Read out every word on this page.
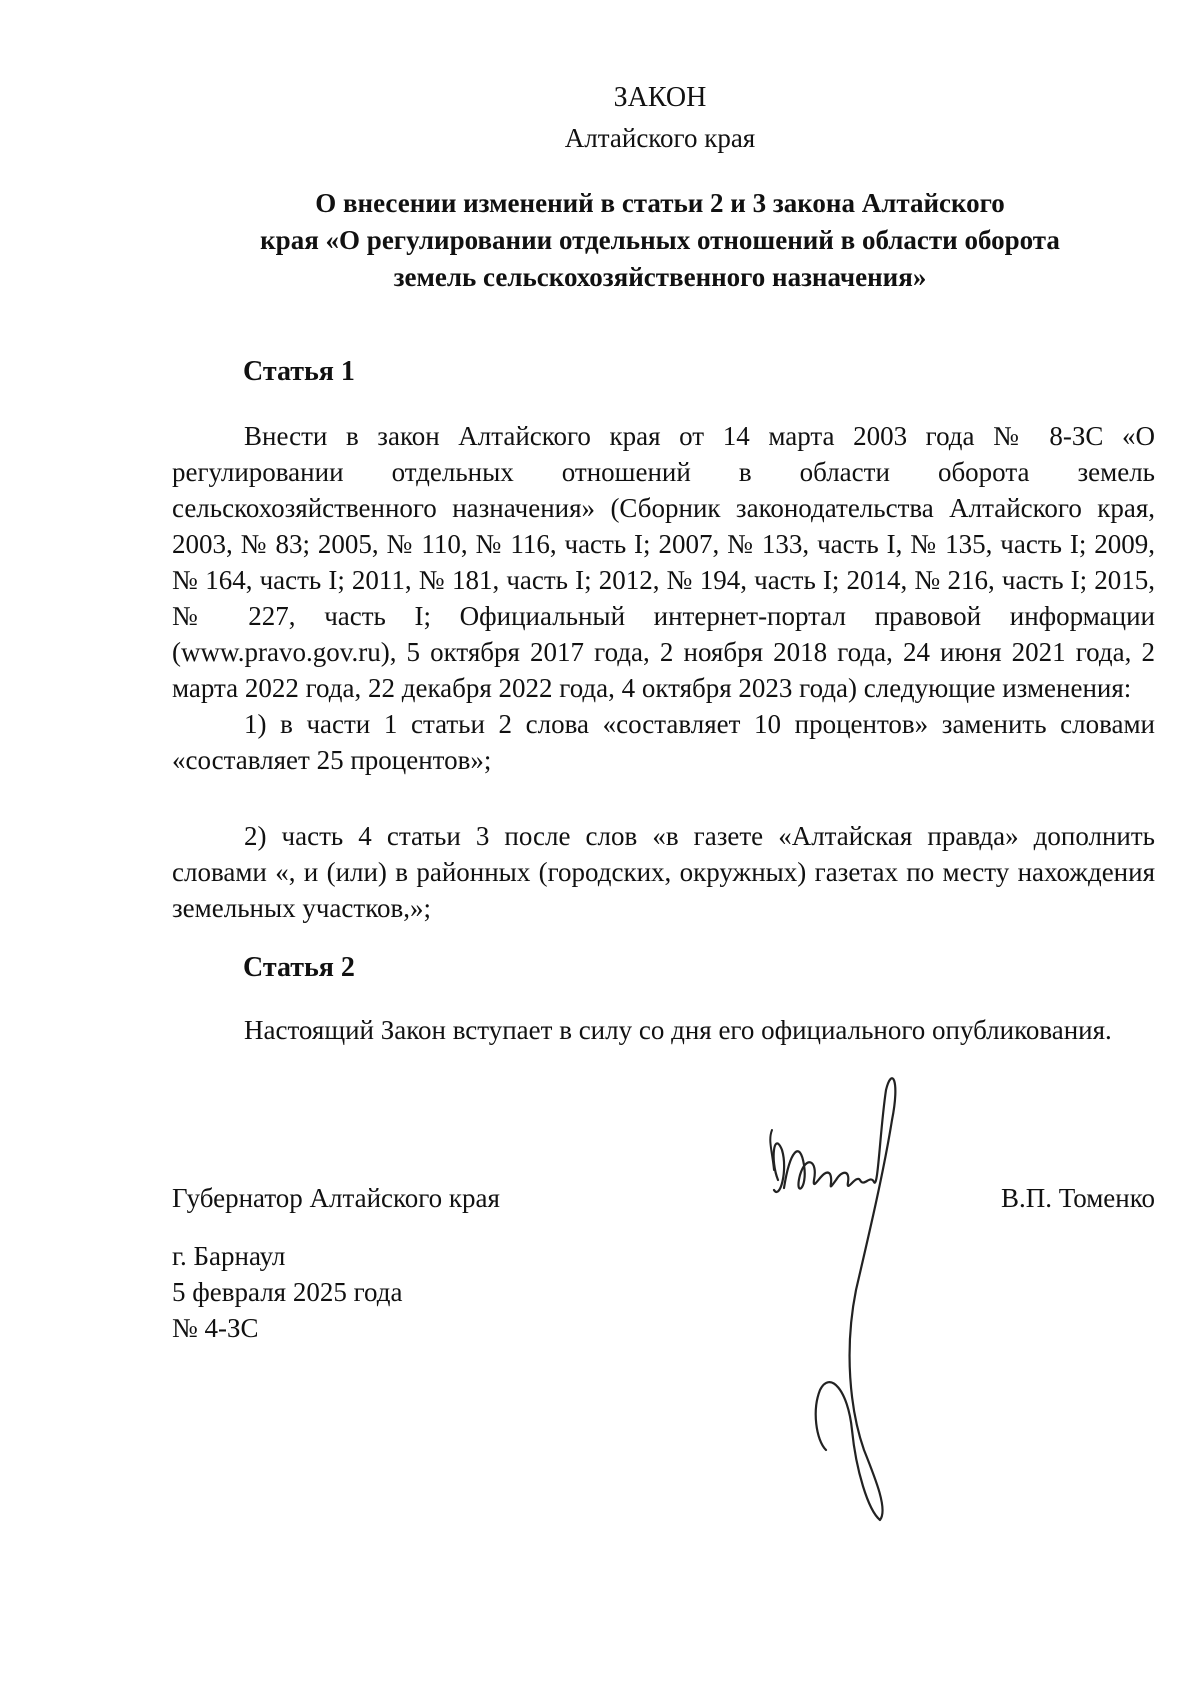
ЗАКОН
Алтайского края
О внесении изменений в статьи 2 и 3 закона Алтайского
края «О регулировании отдельных отношений в области оборота
земель сельскохозяйственного назначения»
Статья 1
Внести в закон Алтайского края от 14 марта 2003 года № 8-ЗС «О регулировании отдельных отношений в области оборота земель сельскохозяйственного назначения» (Сборник законодательства Алтайского края, 2003, № 83; 2005, № 110, № 116, часть I; 2007, № 133, часть I, № 135, часть I; 2009, № 164, часть I; 2011, № 181, часть I; 2012, № 194, часть I; 2014, № 216, часть I; 2015, № 227, часть I; Официальный интернет-портал правовой информации (www.pravo.gov.ru), 5 октября 2017 года, 2 ноября 2018 года, 24 июня 2021 года, 2 марта 2022 года, 22 декабря 2022 года, 4 октября 2023 года) следующие изменения:
1) в части 1 статьи 2 слова «составляет 10 процентов» заменить словами «составляет 25 процентов»;
2) часть 4 статьи 3 после слов «в газете «Алтайская правда» дополнить словами «, и (или) в районных (городских, окружных) газетах по месту нахождения земельных участков,»;
Статья 2
Настоящий Закон вступает в силу со дня его официального опубликования.
Губернатор Алтайского края	В.П. Томенко
г. Барнаул
5 февраля 2025 года
№ 4-ЗС
